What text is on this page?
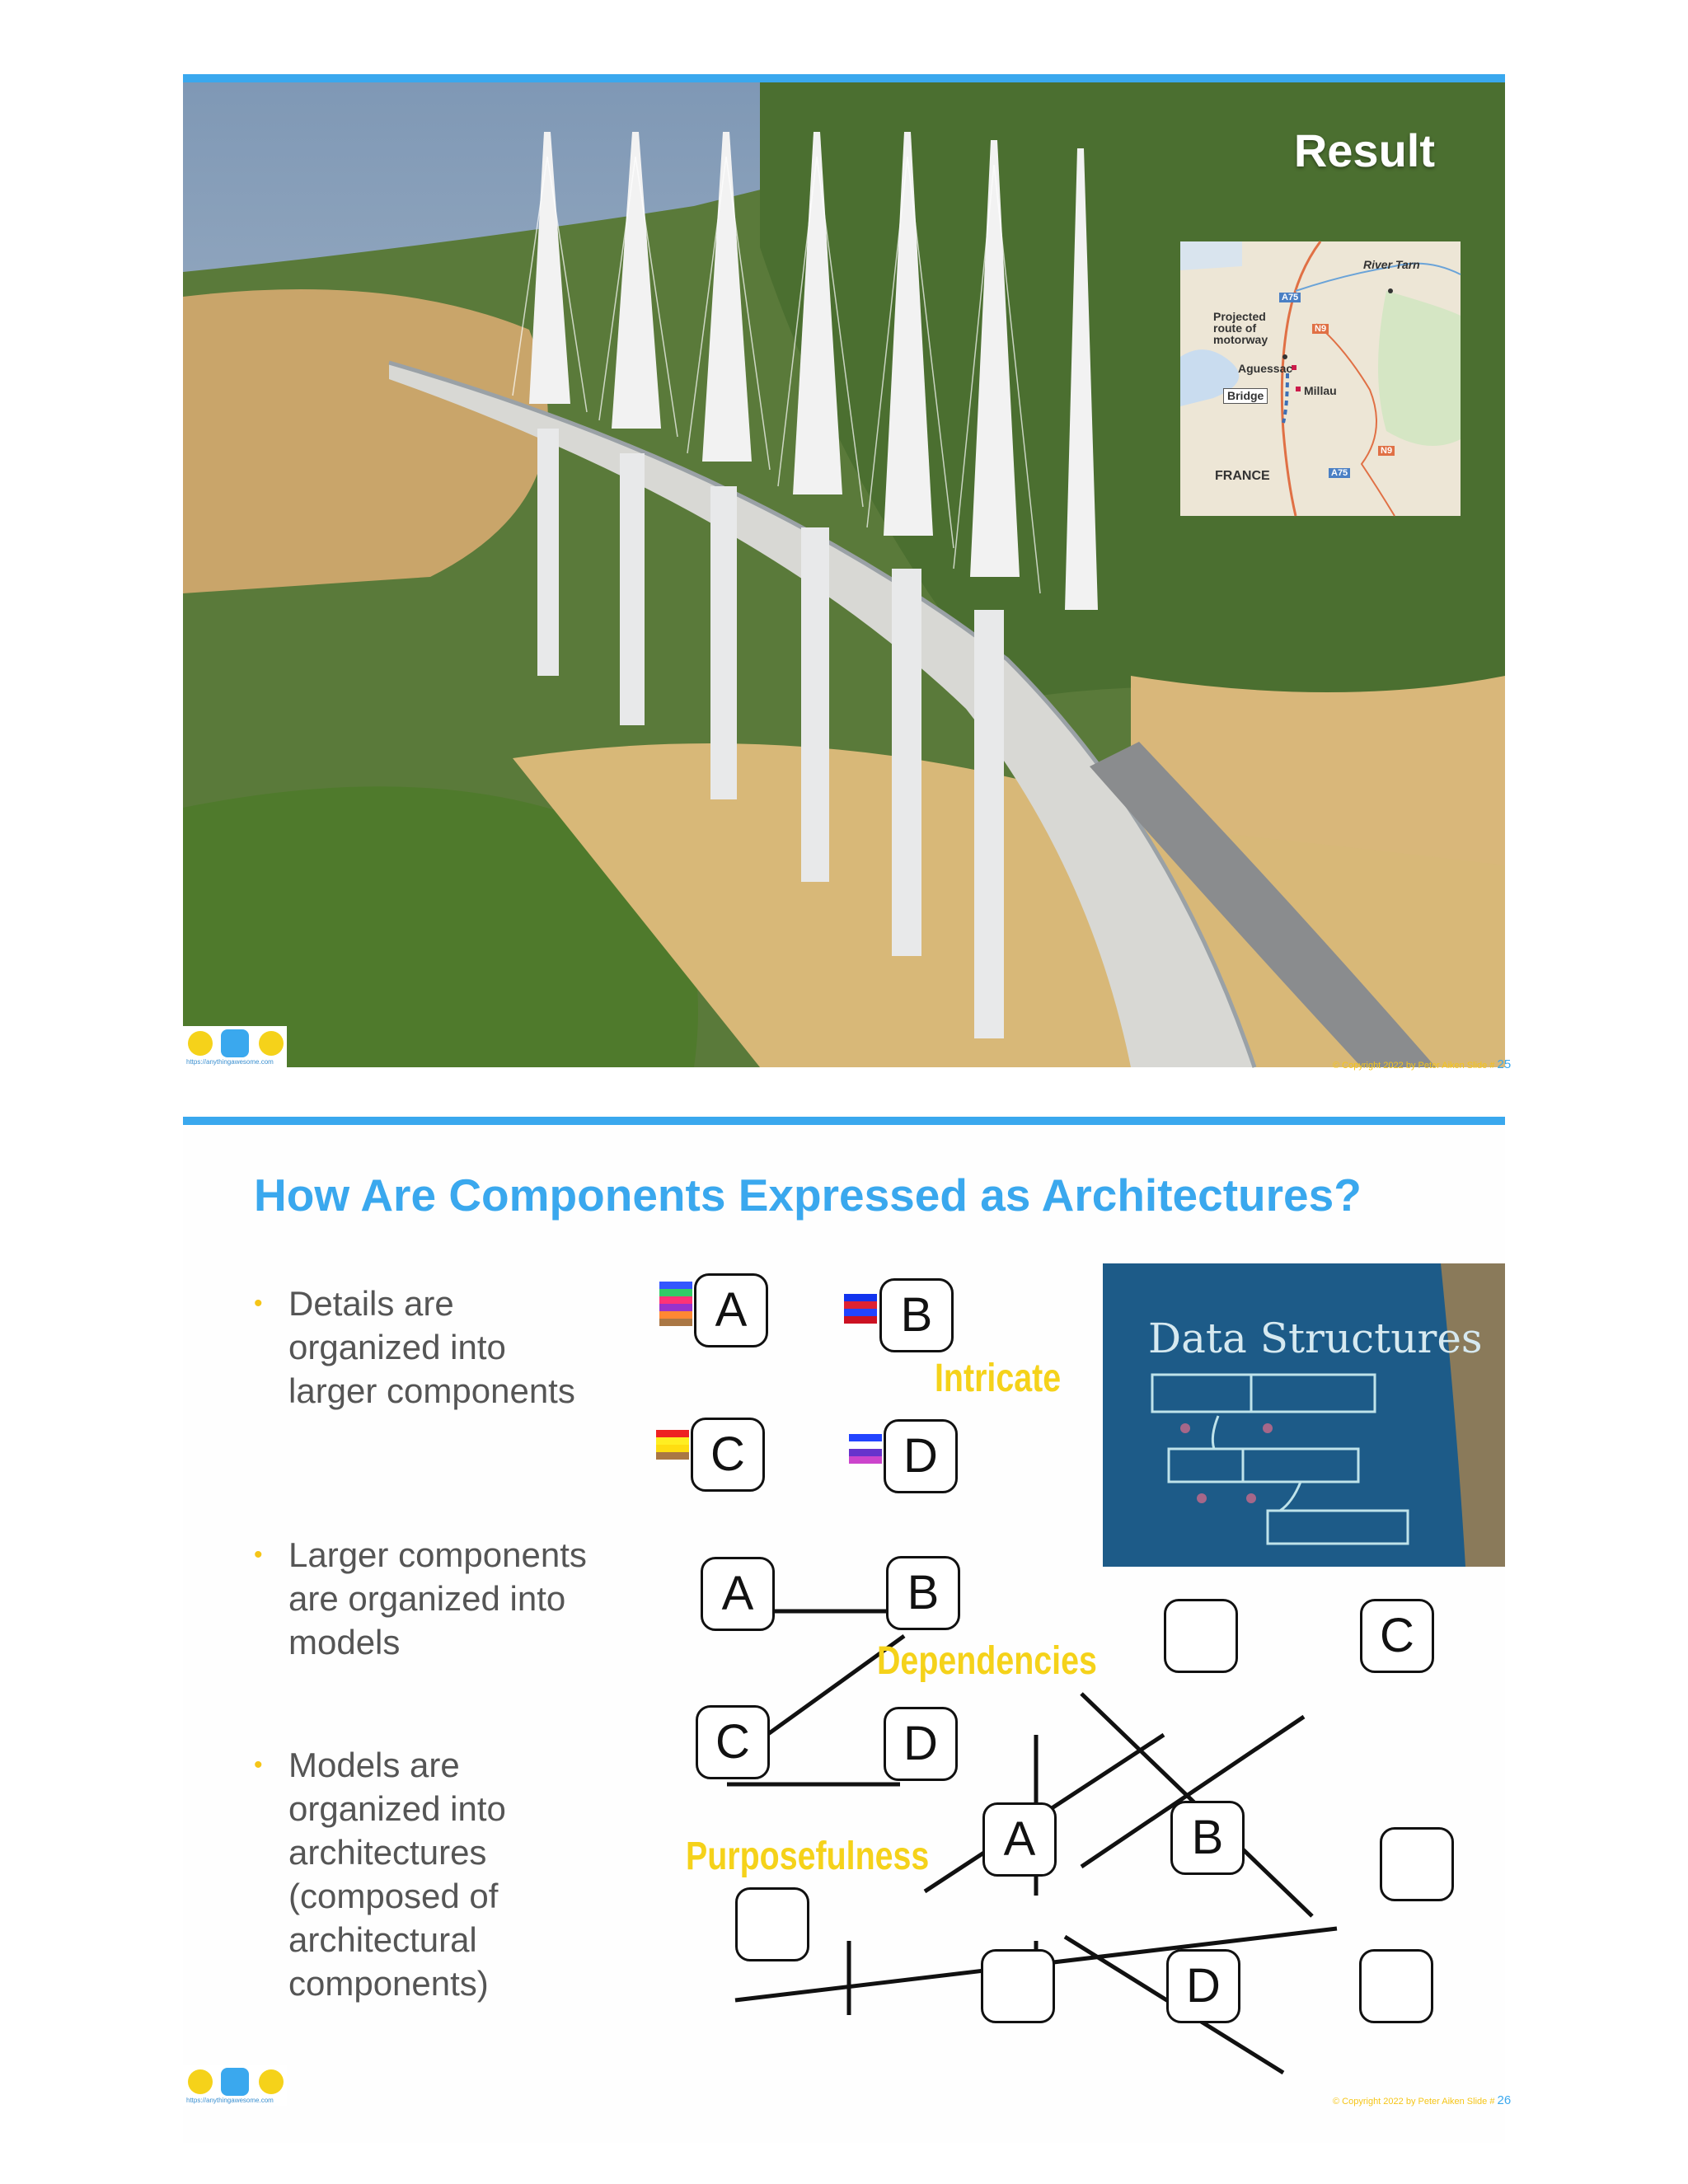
Result
River Tarn
Projected
route of
motorway
Aguessac
Millau
Bridge
FRANCE
A75
N9
A75
N9
https://anythingawesome.com	© Copyright 2022 by Peter Aiken Slide # 25
How Are Components Expressed as Architectures?
• Details are
organized into
larger components
• Larger components
are organized into
models
• Models are
organized into
architectures
(composed of
architectural
components)
A	B
Intricate
C	D
Data Structures
A	B
C	D
Dependencies
Purposefulness
C
A	B
D
https://anythingawesome.com	© Copyright 2022 by Peter Aiken Slide # 26
